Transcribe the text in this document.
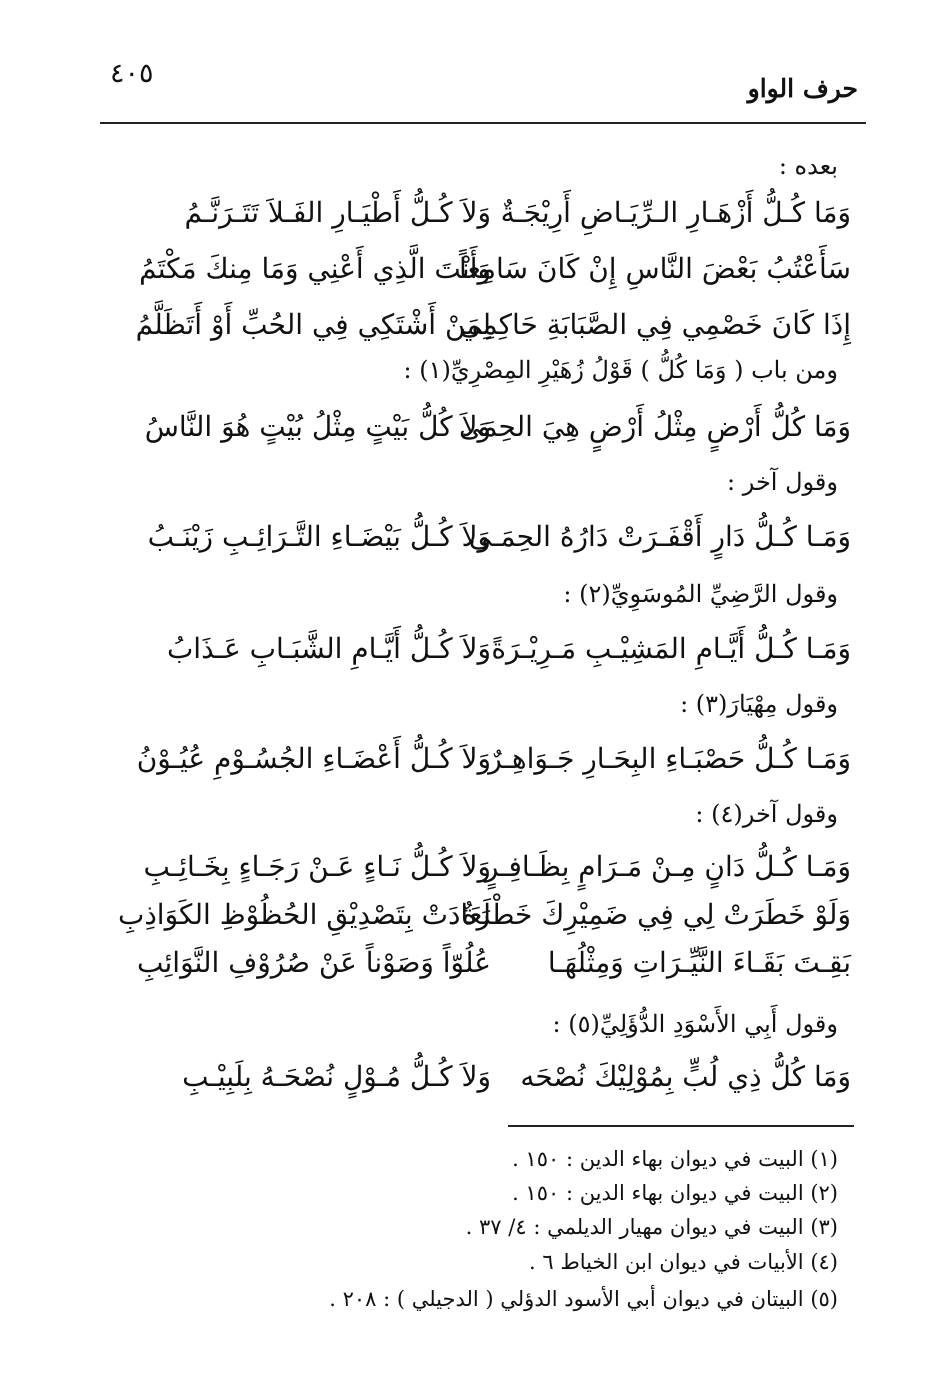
حرف الواو
٤٠٥
بعده :
وَمَا كُـلُّ أَزْهَـارِ الـرِّيَـاضِ أَرِيْجَـةٌ
وَلاَ كُـلُّ أَطْيَـارِ الفَـلاَ تَتَـرَنَّـمُ
سَأَعْتُبُ بَعْضَ النَّاسِ إِنْ كَانَ سَامِعاً
وَأَنْتَ الَّذِي أَعْنِي وَمَا مِنكَ مَكْتَمُ
إِذَا كَانَ خَصْمِي فِي الصَّبَابَةِ حَاكِمِي
لِمَنْ أَشْتَكِي فِي الحُبِّ أَوْ أَتَظَلَّمُ
ومن باب ( وَمَا كُلُّ ) قَوْلُ زُهَيْرِ المِصْرِيِّ(١) :
وَمَا كُلُّ أَرْضٍ مِثْلُ أَرْضٍ هِيَ الحِمَى
وَلاَ كُلُّ بَيْتٍ مِثْلُ بُيْتٍ هُوَ النَّاسُ
وقول آخر :
وَمَـا كُـلُّ دَارٍ أَقْفَـرَتْ دَارُهُ الحِمَـى
وَلاَ كُـلُّ بَيْضَـاءِ التَّـرَائِـبِ زَيْنَـبُ
وقول الرَّضِيِّ المُوسَوِيِّ(٢) :
وَمَـا كُـلُّ أَيَّـامِ المَشِيْـبِ مَـرِيْـرَةً
وَلاَ كُـلُّ أَيَّـامِ الشَّبَـابِ عَـذَابُ
وقول مِهْيَارَ(٣) :
وَمَـا كُـلُّ حَصْبَـاءِ البِحَـارِ جَـوَاهِـرٌ
وَلاَ كُـلُّ أَعْضَـاءِ الجُسُـوْمِ عُيُـوْنُ
وقول آخر(٤) :
وَمَـا كُـلُّ دَانٍ مِـنْ مَـرَامٍ بِظَـافِـرٍ
وَلاَ كُـلُّ نَـاءٍ عَـنْ رَجَـاءٍ بِخَـائِـبِ
وَلَوْ خَطَرَتْ لِي فِي ضَمِيْرِكَ خَطْرَةٌ
لَعَادَتْ بِتَصْدِيْقِ الحُظُوْظِ الكَوَاذِبِ
بَقِـتَ بَقَـاءَ النَّيِّـرَاتِ وَمِثْلُهَـا
عُلُوّاً وَصَوْناً عَنْ صُرُوْفِ النَّوَائِبِ
وقول أَبِي الأَسْوَدِ الدُّؤَلِيِّ(٥) :
وَمَا كُلُّ ذِي لُبٍّ بِمُوْلِيْكَ نُصْحَه
وَلاَ كُـلُّ مُـوْلٍ نُصْحَـهُ بِلَبِيْـبِ
(١) البيت في ديوان بهاء الدين : ١٥٠ .
(٢) البيت في ديوان بهاء الدين : ١٥٠ .
(٣) البيت في ديوان مهيار الديلمي : ٤/ ٣٧ .
(٤) الأبيات في ديوان ابن الخياط ٦ .
(٥) البيتان في ديوان أبي الأسود الدؤلي ( الدجيلي ) : ٢٠٨ .
